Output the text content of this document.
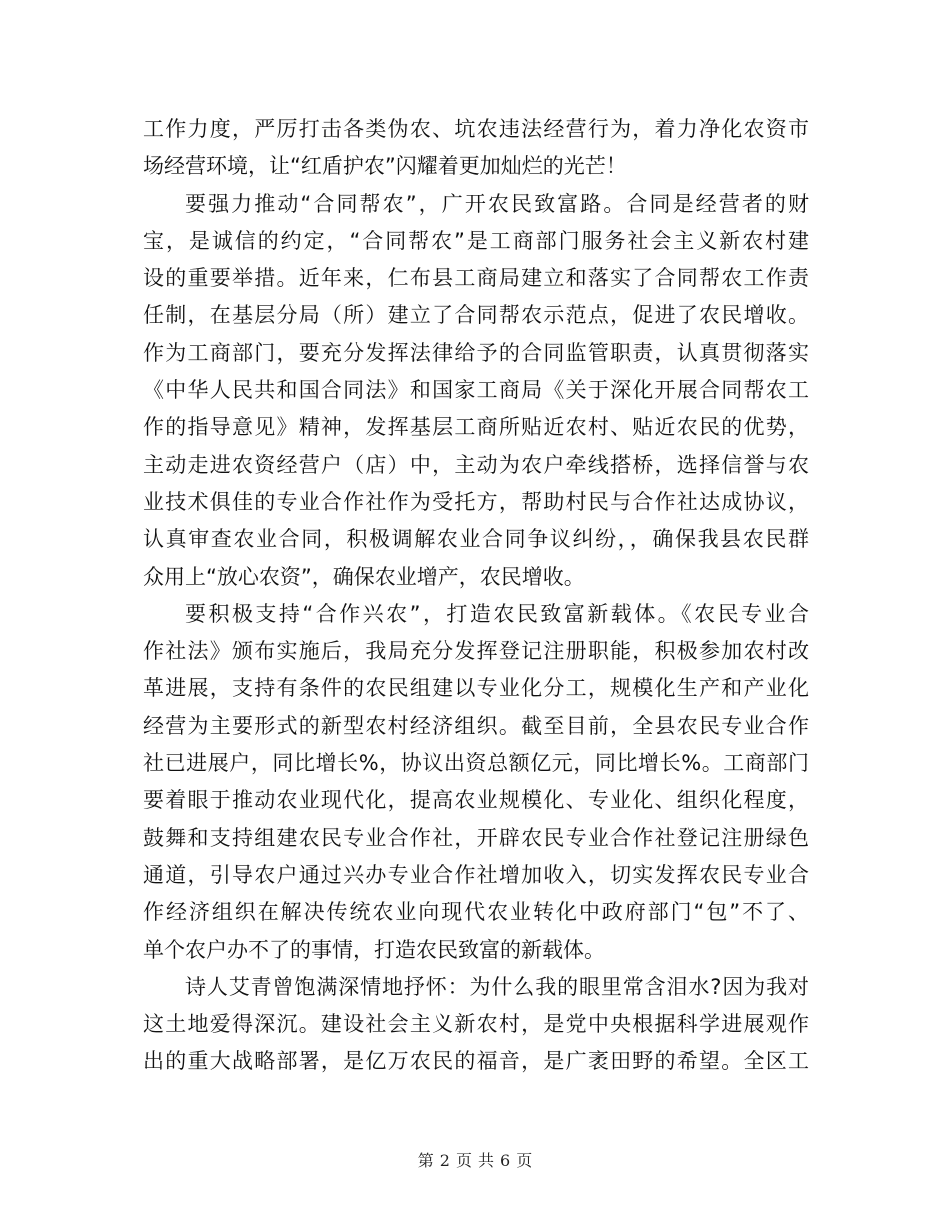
工作力度，严厉打击各类伪农、坑农违法经营行为，着力净化农资市
场经营环境，让“红盾护农”闪耀着更加灿烂的光芒！
要强力推动“合同帮农”，广开农民致富路。合同是经营者的财
宝，是诚信的约定，“合同帮农”是工商部门服务社会主义新农村建
设的重要举措。近年来，仁布县工商局建立和落实了合同帮农工作责
任制，在基层分局（所）建立了合同帮农示范点，促进了农民增收。
作为工商部门，要充分发挥法律给予的合同监管职责，认真贯彻落实
《中华人民共和国合同法》和国家工商局《关于深化开展合同帮农工
作的指导意见》精神，发挥基层工商所贴近农村、贴近农民的优势，
主动走进农资经营户（店）中，主动为农户牵线搭桥，选择信誉与农
业技术俱佳的专业合作社作为受托方，帮助村民与合作社达成协议，
认真审查农业合同，积极调解农业合同争议纠纷，，确保我县农民群
众用上“放心农资”，确保农业增产，农民增收。
要积极支持“合作兴农”，打造农民致富新载体。《农民专业合
作社法》颁布实施后，我局充分发挥登记注册职能，积极参加农村改
革进展，支持有条件的农民组建以专业化分工，规模化生产和产业化
经营为主要形式的新型农村经济组织。截至目前，全县农民专业合作
社已进展户，同比增长%，协议出资总额亿元，同比增长%。工商部门
要着眼于推动农业现代化，提高农业规模化、专业化、组织化程度，
鼓舞和支持组建农民专业合作社，开辟农民专业合作社登记注册绿色
通道，引导农户通过兴办专业合作社增加收入，切实发挥农民专业合
作经济组织在解决传统农业向现代农业转化中政府部门“包”不了、
单个农户办不了的事情，打造农民致富的新载体。
诗人艾青曾饱满深情地抒怀：为什么我的眼里常含泪水?因为我对
这土地爱得深沉。建设社会主义新农村，是党中央根据科学进展观作
出的重大战略部署，是亿万农民的福音，是广袤田野的希望。全区工
第 2 页 共 6 页
